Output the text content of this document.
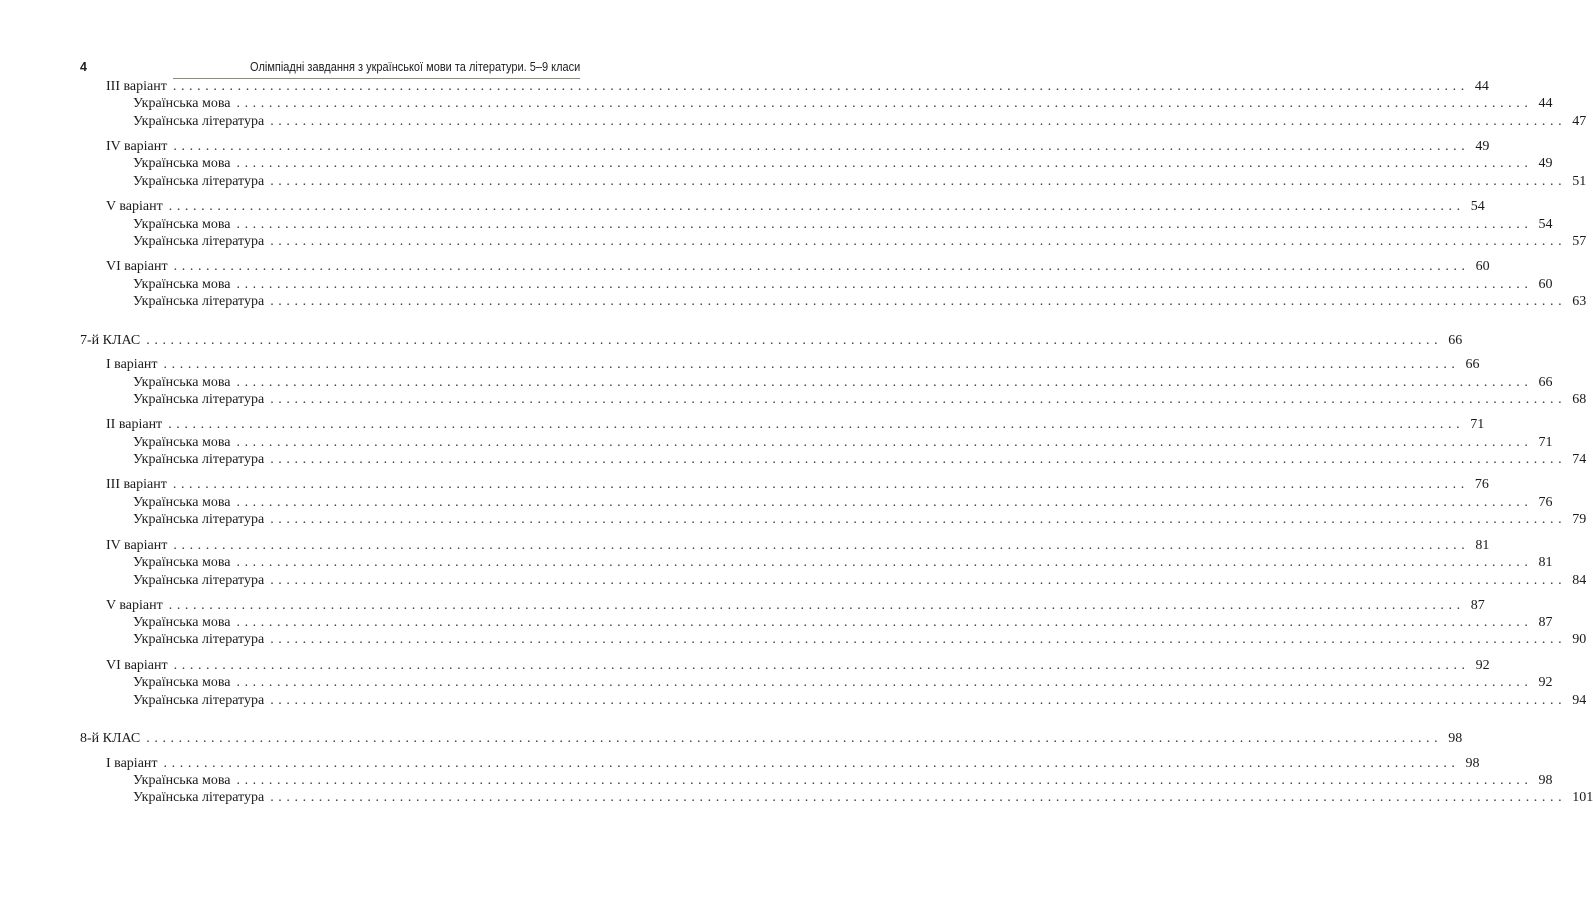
4	Олімпіадні завдання з української мови та літератури. 5–9 класи
III варіант ................................................................................................................................................................ 44
Українська мова ................................................................................................................................................................ 44
Українська література ................................................................................................................................................................ 47
IV варіант ................................................................................................................................................................ 49
Українська мова ................................................................................................................................................................ 49
Українська література ................................................................................................................................................................ 51
V варіант ................................................................................................................................................................ 54
Українська мова ................................................................................................................................................................ 54
Українська література ................................................................................................................................................................ 57
VI варіант ................................................................................................................................................................ 60
Українська мова ................................................................................................................................................................ 60
Українська література ................................................................................................................................................................ 63
7-й КЛАС ................................................................................................................................................................ 66
I варіант ................................................................................................................................................................ 66
Українська мова ................................................................................................................................................................ 66
Українська література ................................................................................................................................................................ 68
II варіант ................................................................................................................................................................ 71
Українська мова ................................................................................................................................................................ 71
Українська література ................................................................................................................................................................ 74
III варіант ................................................................................................................................................................ 76
Українська мова ................................................................................................................................................................ 76
Українська література ................................................................................................................................................................ 79
IV варіант ................................................................................................................................................................ 81
Українська мова ................................................................................................................................................................ 81
Українська література ................................................................................................................................................................ 84
V варіант ................................................................................................................................................................ 87
Українська мова ................................................................................................................................................................ 87
Українська література ................................................................................................................................................................ 90
VI варіант ................................................................................................................................................................ 92
Українська мова ................................................................................................................................................................ 92
Українська література ................................................................................................................................................................ 94
8-й КЛАС ................................................................................................................................................................ 98
I варіант ................................................................................................................................................................ 98
Українська мова ................................................................................................................................................................ 98
Українська література ................................................................................................................................................................ 101
